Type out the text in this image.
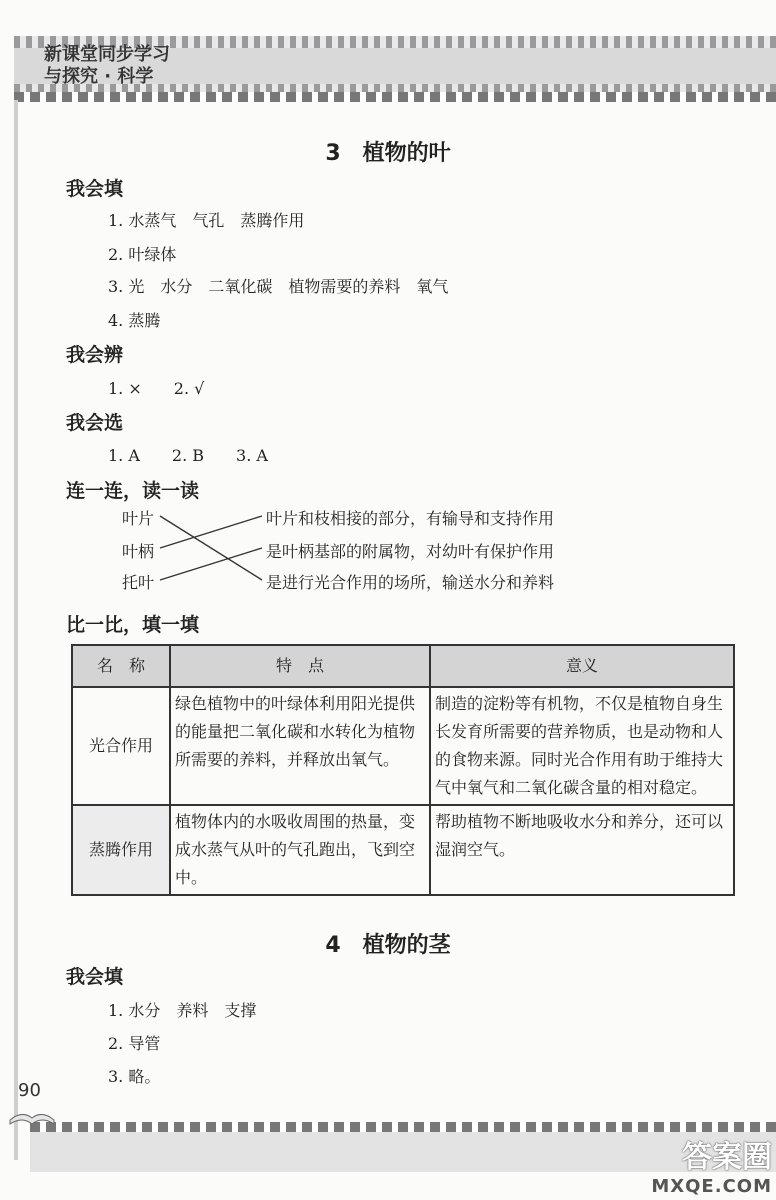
新课堂同步学习
与探究 · 科学
3　植物的叶
我会填
1. 水蒸气　气孔　蒸腾作用
2. 叶绿体
3. 光　水分　二氧化碳　植物需要的养料　氧气
4. 蒸腾
我会辨
1. ×　　2. √
我会选
1. A　　2. B　　3. A
连一连，读一读
叶片
叶柄
托叶
叶片和枝相接的部分，有输导和支持作用
是叶柄基部的附属物，对幼叶有保护作用
是进行光合作用的场所，输送水分和养料
比一比，填一填
名　称	特　点	意义
光合作用	绿色植物中的叶绿体利用阳光提供的能量把二氧化碳和水转化为植物所需要的养料，并释放出氧气。	制造的淀粉等有机物，不仅是植物自身生长发育所需要的营养物质，也是动物和人的食物来源。同时光合作用有助于维持大气中氧气和二氧化碳含量的相对稳定。
蒸腾作用	植物体内的水吸收周围的热量，变成水蒸气从叶的气孔跑出，飞到空中。	帮助植物不断地吸收水分和养分，还可以湿润空气。
4　植物的茎
我会填
1. 水分　养料　支撑
2. 导管
3. 略。
90
答案圈
MXQE.COM
